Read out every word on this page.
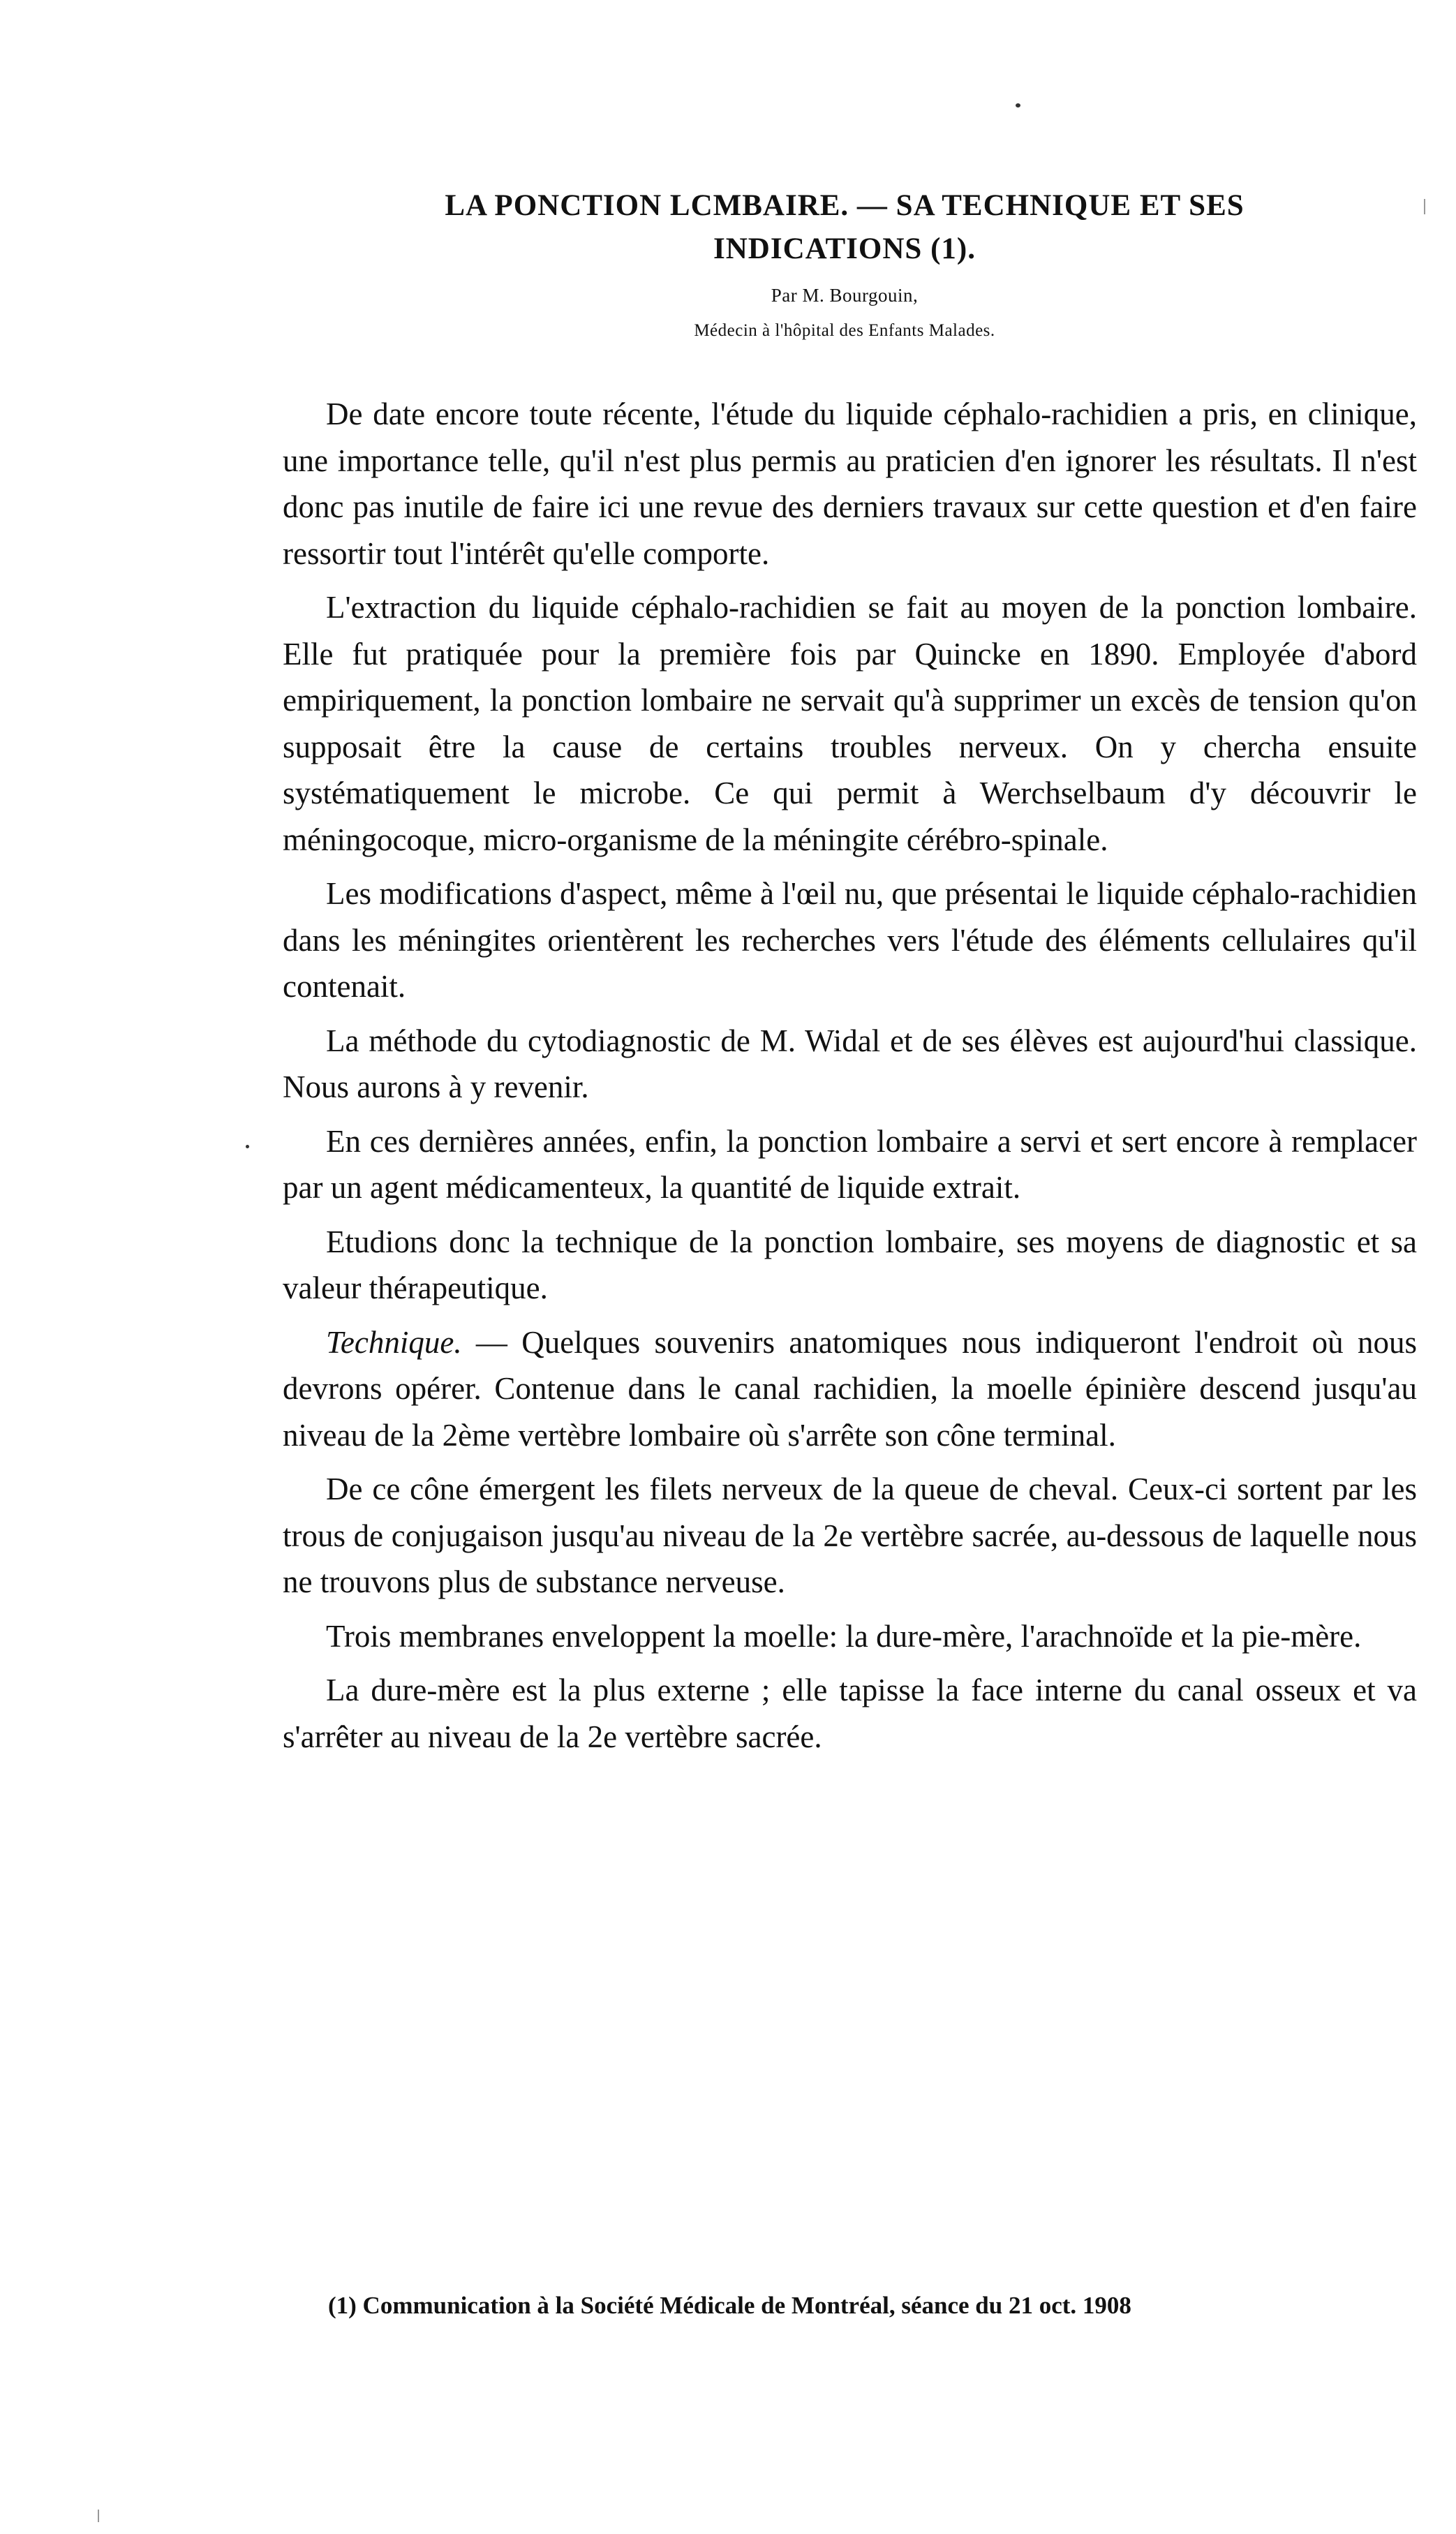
LA PONCTION LCMBAIRE. — SA TECHNIQUE ET SES
INDICATIONS (1).
Par M. Bourgouin,
Médecin à l'hôpital des Enfants Malades.

De date encore toute récente, l'étude du liquide céphalo-rachidien a pris, en clinique, une importance telle, qu'il n'est plus permis au praticien d'en ignorer les résultats. Il n'est donc pas inutile de faire ici une revue des derniers travaux sur cette question et d'en faire ressortir tout l'intérêt qu'elle comporte.

L'extraction du liquide céphalo-rachidien se fait au moyen de la ponction lombaire. Elle fut pratiquée pour la première fois par Quincke en 1890. Employée d'abord empiriquement, la ponction lombaire ne servait qu'à supprimer un excès de tension qu'on supposait être la cause de certains troubles nerveux. On y chercha ensuite systématiquement le microbe. Ce qui permit à Werchselbaum d'y découvrir le méningocoque, micro-organisme de la méningite cérébro-spinale.

Les modifications d'aspect, même à l'œil nu, que présentai le liquide céphalo-rachidien dans les méningites orientèrent les recherches vers l'étude des éléments cellulaires qu'il contenait.

La méthode du cytodiagnostic de M. Widal et de ses élèves est aujourd'hui classique. Nous aurons à y revenir.

En ces dernières années, enfin, la ponction lombaire a servi et sert encore à remplacer par un agent médicamenteux, la quantité de liquide extrait.

Etudions donc la technique de la ponction lombaire, ses moyens de diagnostic et sa valeur thérapeutique.

Technique. — Quelques souvenirs anatomiques nous indiqueront l'endroit où nous devrons opérer. Contenue dans le canal rachidien, la moelle épinière descend jusqu'au niveau de la 2ème vertèbre lombaire où s'arrête son cône terminal.

De ce cône émergent les filets nerveux de la queue de cheval. Ceux-ci sortent par les trous de conjugaison jusqu'au niveau de la 2e vertèbre sacrée, au-dessous de laquelle nous ne trouvons plus de substance nerveuse.

Trois membranes enveloppent la moelle: la dure-mère, l'arachnoïde et la pie-mère.

La dure-mère est la plus externe ; elle tapisse la face interne du canal osseux et va s'arrêter au niveau de la 2e vertèbre sacrée.

(1) Communication à la Société Médicale de Montréal, séance du 21 oct. 1908
